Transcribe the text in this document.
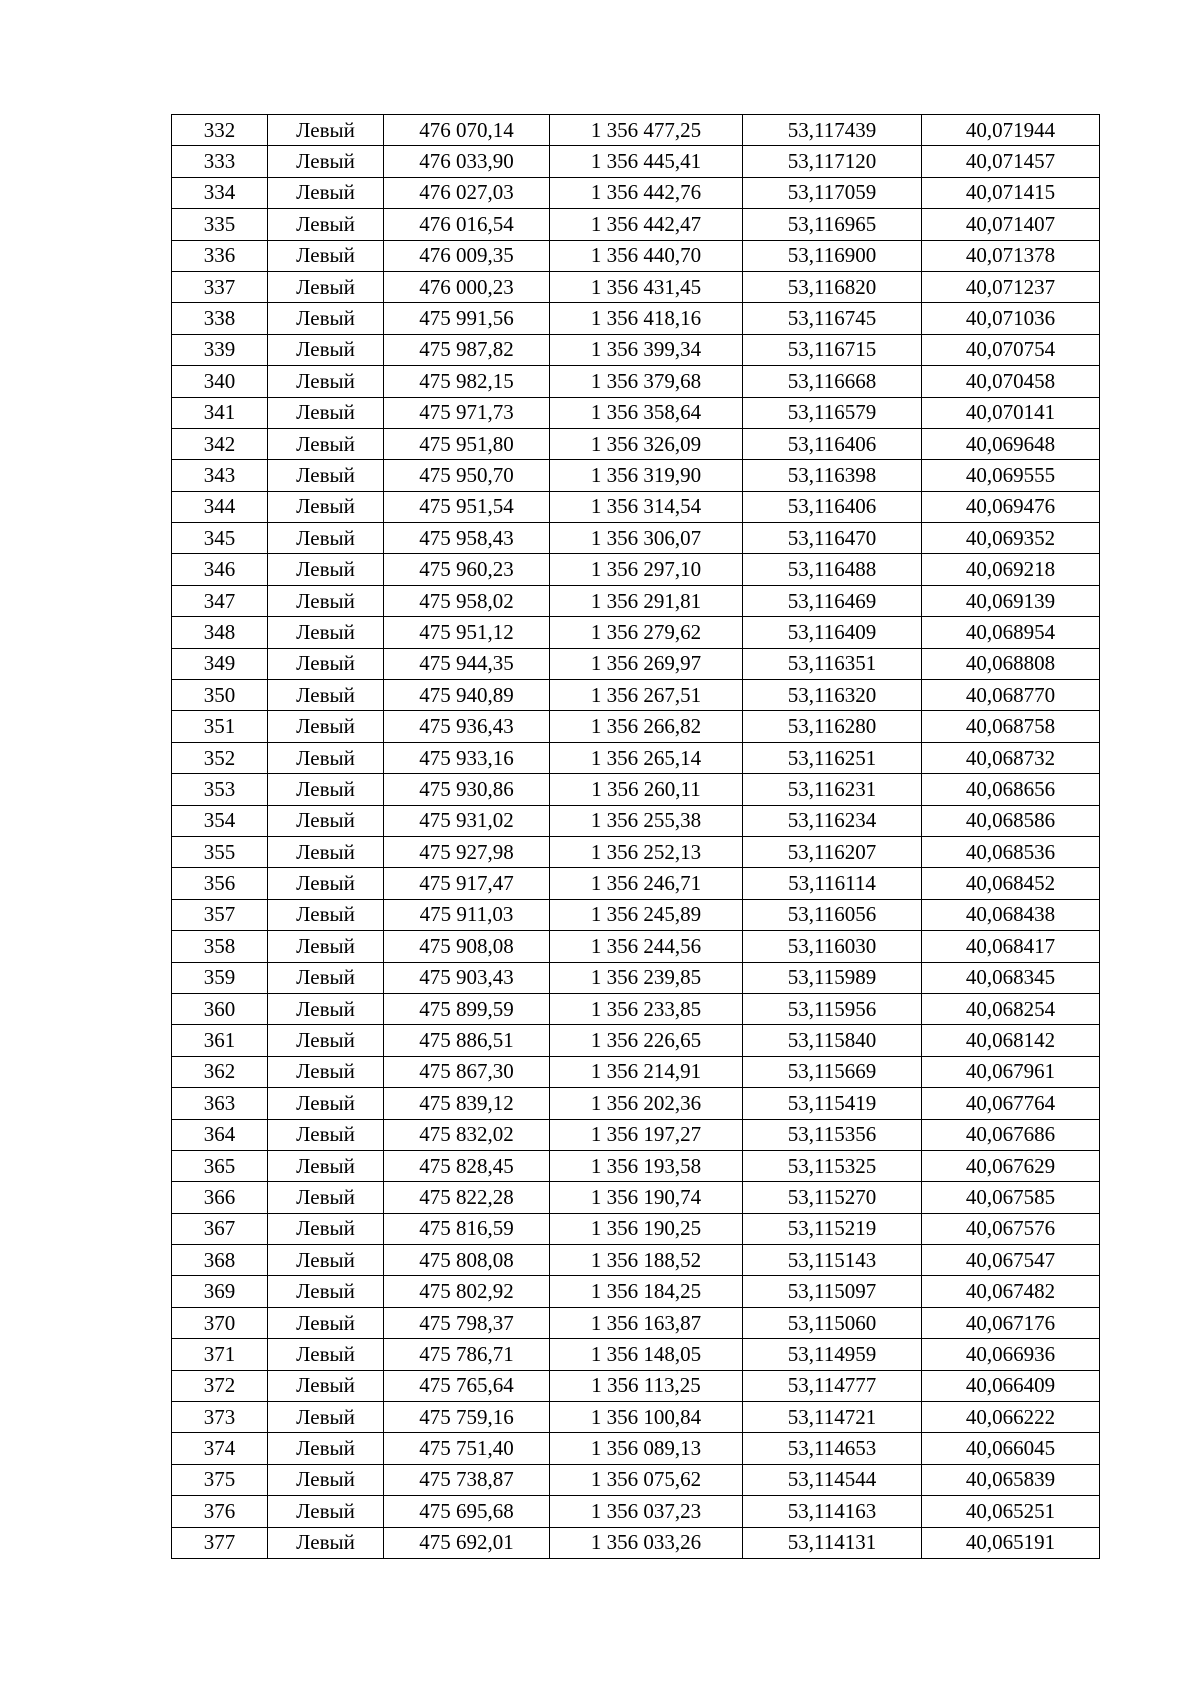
332	Левый	476 070,14	1 356 477,25	53,117439	40,071944
333	Левый	476 033,90	1 356 445,41	53,117120	40,071457
334	Левый	476 027,03	1 356 442,76	53,117059	40,071415
335	Левый	476 016,54	1 356 442,47	53,116965	40,071407
336	Левый	476 009,35	1 356 440,70	53,116900	40,071378
337	Левый	476 000,23	1 356 431,45	53,116820	40,071237
338	Левый	475 991,56	1 356 418,16	53,116745	40,071036
339	Левый	475 987,82	1 356 399,34	53,116715	40,070754
340	Левый	475 982,15	1 356 379,68	53,116668	40,070458
341	Левый	475 971,73	1 356 358,64	53,116579	40,070141
342	Левый	475 951,80	1 356 326,09	53,116406	40,069648
343	Левый	475 950,70	1 356 319,90	53,116398	40,069555
344	Левый	475 951,54	1 356 314,54	53,116406	40,069476
345	Левый	475 958,43	1 356 306,07	53,116470	40,069352
346	Левый	475 960,23	1 356 297,10	53,116488	40,069218
347	Левый	475 958,02	1 356 291,81	53,116469	40,069139
348	Левый	475 951,12	1 356 279,62	53,116409	40,068954
349	Левый	475 944,35	1 356 269,97	53,116351	40,068808
350	Левый	475 940,89	1 356 267,51	53,116320	40,068770
351	Левый	475 936,43	1 356 266,82	53,116280	40,068758
352	Левый	475 933,16	1 356 265,14	53,116251	40,068732
353	Левый	475 930,86	1 356 260,11	53,116231	40,068656
354	Левый	475 931,02	1 356 255,38	53,116234	40,068586
355	Левый	475 927,98	1 356 252,13	53,116207	40,068536
356	Левый	475 917,47	1 356 246,71	53,116114	40,068452
357	Левый	475 911,03	1 356 245,89	53,116056	40,068438
358	Левый	475 908,08	1 356 244,56	53,116030	40,068417
359	Левый	475 903,43	1 356 239,85	53,115989	40,068345
360	Левый	475 899,59	1 356 233,85	53,115956	40,068254
361	Левый	475 886,51	1 356 226,65	53,115840	40,068142
362	Левый	475 867,30	1 356 214,91	53,115669	40,067961
363	Левый	475 839,12	1 356 202,36	53,115419	40,067764
364	Левый	475 832,02	1 356 197,27	53,115356	40,067686
365	Левый	475 828,45	1 356 193,58	53,115325	40,067629
366	Левый	475 822,28	1 356 190,74	53,115270	40,067585
367	Левый	475 816,59	1 356 190,25	53,115219	40,067576
368	Левый	475 808,08	1 356 188,52	53,115143	40,067547
369	Левый	475 802,92	1 356 184,25	53,115097	40,067482
370	Левый	475 798,37	1 356 163,87	53,115060	40,067176
371	Левый	475 786,71	1 356 148,05	53,114959	40,066936
372	Левый	475 765,64	1 356 113,25	53,114777	40,066409
373	Левый	475 759,16	1 356 100,84	53,114721	40,066222
374	Левый	475 751,40	1 356 089,13	53,114653	40,066045
375	Левый	475 738,87	1 356 075,62	53,114544	40,065839
376	Левый	475 695,68	1 356 037,23	53,114163	40,065251
377	Левый	475 692,01	1 356 033,26	53,114131	40,065191
